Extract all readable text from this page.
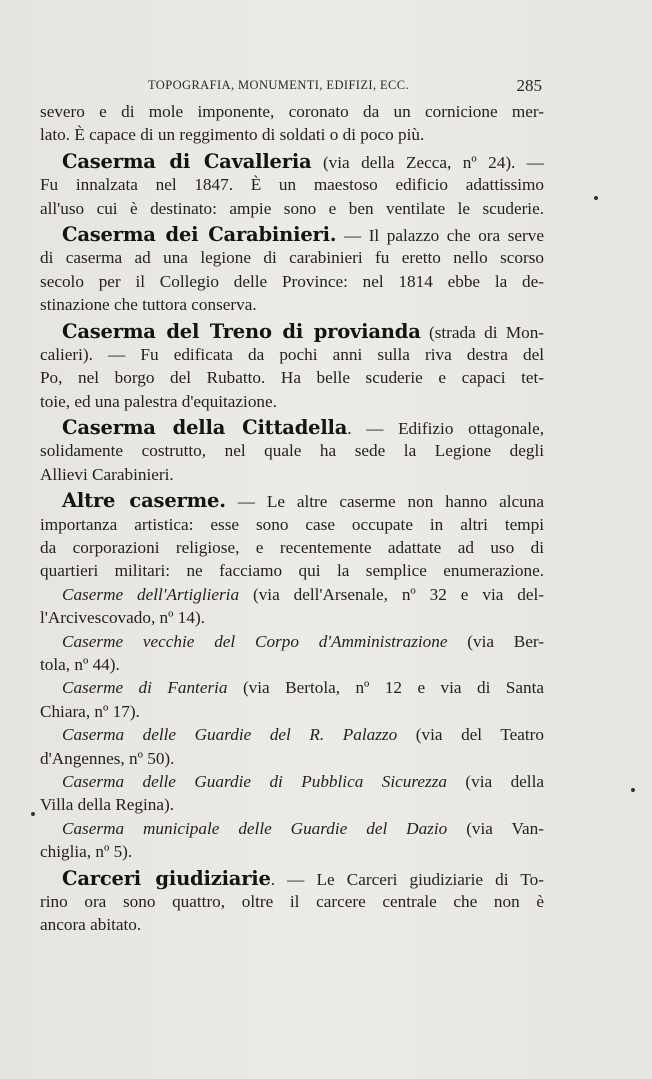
TOPOGRAFIA, MONUMENTI, EDIFIZI, ECC.	285
severo e di mole imponente, coronato da un cornicione mer-
lato. È capace di un reggimento di soldati o di poco più.
Caserma di Cavalleria (via della Zecca, nº 24). —
Fu innalzata nel 1847. È un maestoso edificio adattissimo
all'uso cui è destinato: ampie sono e ben ventilate le scuderie.
Caserma dei Carabinieri. — Il palazzo che ora serve
di caserma ad una legione di carabinieri fu eretto nello scorso
secolo per il Collegio delle Province: nel 1814 ebbe la de-
stinazione che tuttora conserva.
Caserma del Treno di provianda (strada di Mon-
calieri). — Fu edificata da pochi anni sulla riva destra del
Po, nel borgo del Rubatto. Ha belle scuderie e capaci tet-
toie, ed una palestra d'equitazione.
Caserma della Cittadella. — Edifizio ottagonale,
solidamente costrutto, nel quale ha sede la Legione degli
Allievi Carabinieri.
Altre caserme. — Le altre caserme non hanno alcuna
importanza artistica: esse sono case occupate in altri tempi
da corporazioni religiose, e recentemente adattate ad uso di
quartieri militari: ne facciamo qui la semplice enumerazione.
Caserme dell'Artiglieria (via dell'Arsenale, nº 32 e via del-
l'Arcivescovado, nº 14).
Caserme vecchie del Corpo d'Amministrazione (via Ber-
tola, nº 44).
Caserme di Fanteria (via Bertola, nº 12 e via di Santa
Chiara, nº 17).
Caserma delle Guardie del R. Palazzo (via del Teatro
d'Angennes, nº 50).
Caserma delle Guardie di Pubblica Sicurezza (via della
Villa della Regina).
Caserma municipale delle Guardie del Dazio (via Van-
chiglia, nº 5).
Carceri giudiziarie. — Le Carceri giudiziarie di To-
rino ora sono quattro, oltre il carcere centrale che non è
ancora abitato.
